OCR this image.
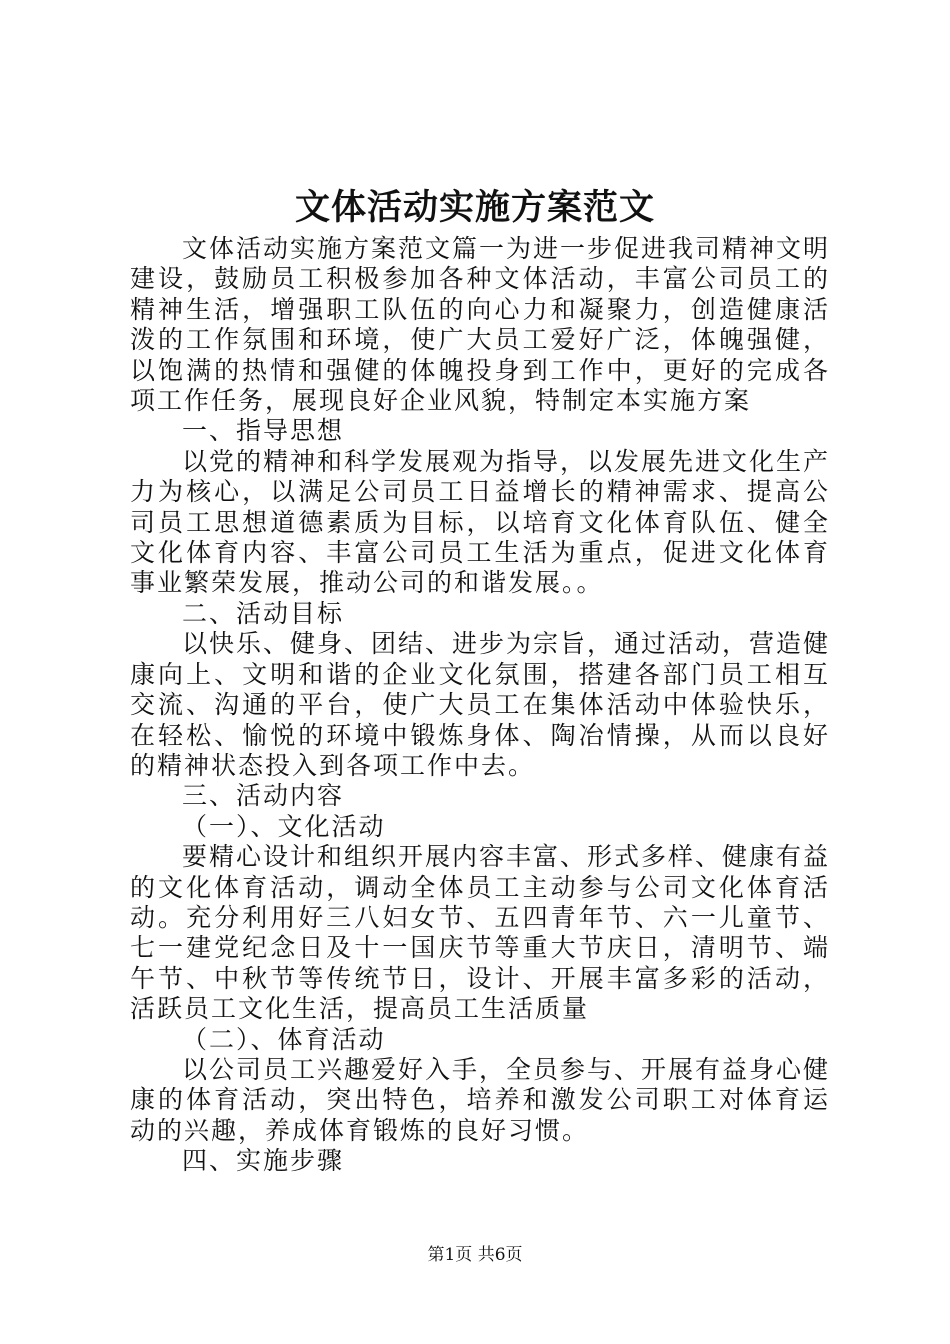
文体活动实施方案范文

文体活动实施方案范文篇一为进一步促进我司精神文明建设，鼓励员工积极参加各种文体活动，丰富公司员工的精神生活，增强职工队伍的向心力和凝聚力，创造健康活泼的工作氛围和环境，使广大员工爱好广泛，体魄强健，以饱满的热情和强健的体魄投身到工作中，更好的完成各项工作任务，展现良好企业风貌，特制定本实施方案

一、指导思想

以党的精神和科学发展观为指导，以发展先进文化生产力为核心，以满足公司员工日益增长的精神需求、提高公司员工思想道德素质为目标，以培育文化体育队伍、健全文化体育内容、丰富公司员工生活为重点，促进文化体育事业繁荣发展，推动公司的和谐发展。。

二、活动目标

以快乐、健身、团结、进步为宗旨，通过活动，营造健康向上、文明和谐的企业文化氛围，搭建各部门员工相互交流、沟通的平台，使广大员工在集体活动中体验快乐，在轻松、愉悦的环境中锻炼身体、陶冶情操，从而以良好的精神状态投入到各项工作中去。

三、活动内容

（一）、文化活动

要精心设计和组织开展内容丰富、形式多样、健康有益的文化体育活动，调动全体员工主动参与公司文化体育活动。充分利用好三八妇女节、五四青年节、六一儿童节、七一建党纪念日及十一国庆节等重大节庆日，清明节、端午节、中秋节等传统节日，设计、开展丰富多彩的活动，活跃员工文化生活，提高员工生活质量

（二）、体育活动

以公司员工兴趣爱好入手，全员参与、开展有益身心健康的体育活动，突出特色，培养和激发公司职工对体育运动的兴趣，养成体育锻炼的良好习惯。

四、实施步骤

第1页 共6页
